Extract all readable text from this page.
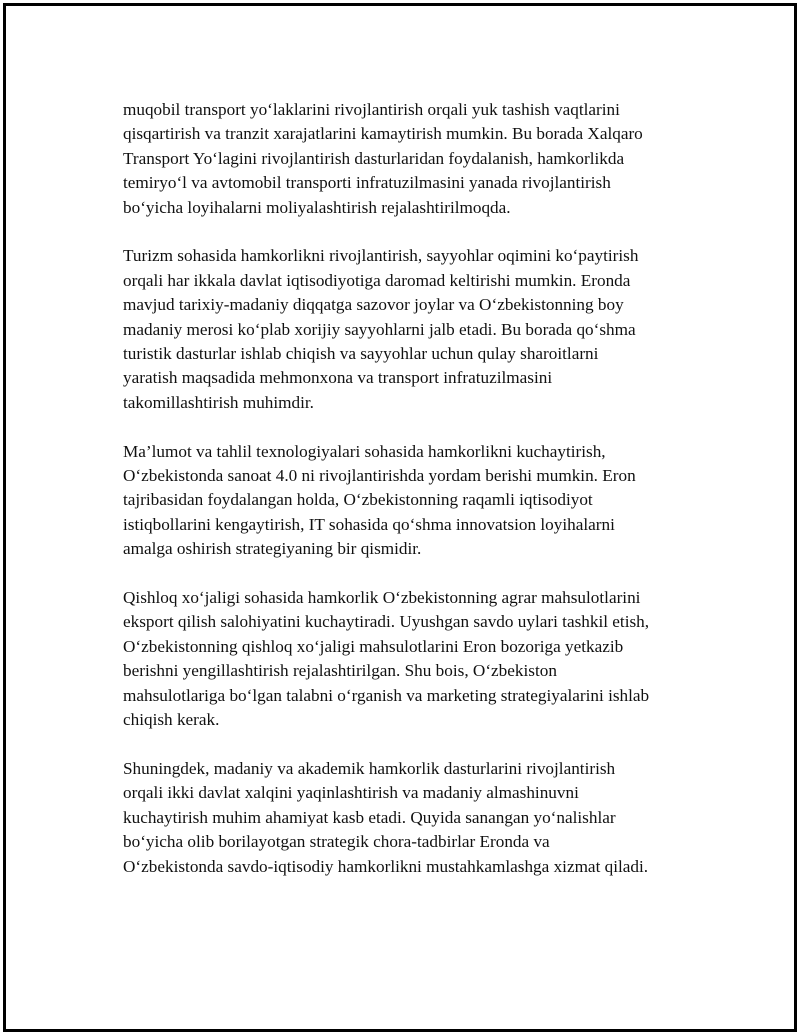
muqobil transport yo‘laklarini rivojlantirish orqali yuk tashish vaqtlarini
qisqartirish va tranzit xarajatlarini kamaytirish mumkin. Bu borada Xalqaro
Transport Yo‘lagini rivojlantirish dasturlaridan foydalanish, hamkorlikda
temiryo‘l va avtomobil transporti infratuzilmasini yanada rivojlantirish
bo‘yicha loyihalarni moliyalashtirish rejalashtirilmoqda.

Turizm sohasida hamkorlikni rivojlantirish, sayyohlar oqimini ko‘paytirish
orqali har ikkala davlat iqtisodiyotiga daromad keltirishi mumkin. Eronda
mavjud tarixiy-madaniy diqqatga sazovor joylar va O‘zbekistonning boy
madaniy merosi ko‘plab xorijiy sayyohlarni jalb etadi. Bu borada qo‘shma
turistik dasturlar ishlab chiqish va sayyohlar uchun qulay sharoitlarni
yaratish maqsadida mehmonxona va transport infratuzilmasini
takomillashtirish muhimdir.

Ma’lumot va tahlil texnologiyalari sohasida hamkorlikni kuchaytirish,
O‘zbekistonda sanoat 4.0 ni rivojlantirishda yordam berishi mumkin. Eron
tajribasidan foydalangan holda, O‘zbekistonning raqamli iqtisodiyot
istiqbollarini kengaytirish, IT sohasida qo‘shma innovatsion loyihalarni
amalga oshirish strategiyaning bir qismidir.

Qishloq xo‘jaligi sohasida hamkorlik O‘zbekistonning agrar mahsulotlarini
eksport qilish salohiyatini kuchaytiradi. Uyushgan savdo uylari tashkil etish,
O‘zbekistonning qishloq xo‘jaligi mahsulotlarini Eron bozoriga yetkazib
berishni yengillashtirish rejalashtirilgan. Shu bois, O‘zbekiston
mahsulotlariga bo‘lgan talabni o‘rganish va marketing strategiyalarini ishlab
chiqish kerak.

Shuningdek, madaniy va akademik hamkorlik dasturlarini rivojlantirish
orqali ikki davlat xalqini yaqinlashtirish va madaniy almashinuvni
kuchaytirish muhim ahamiyat kasb etadi. Quyida sanangan yo‘nalishlar
bo‘yicha olib borilayotgan strategik chora-tadbirlar Eronda va
O‘zbekistonda savdo-iqtisodiy hamkorlikni mustahkamlashga xizmat qiladi.
